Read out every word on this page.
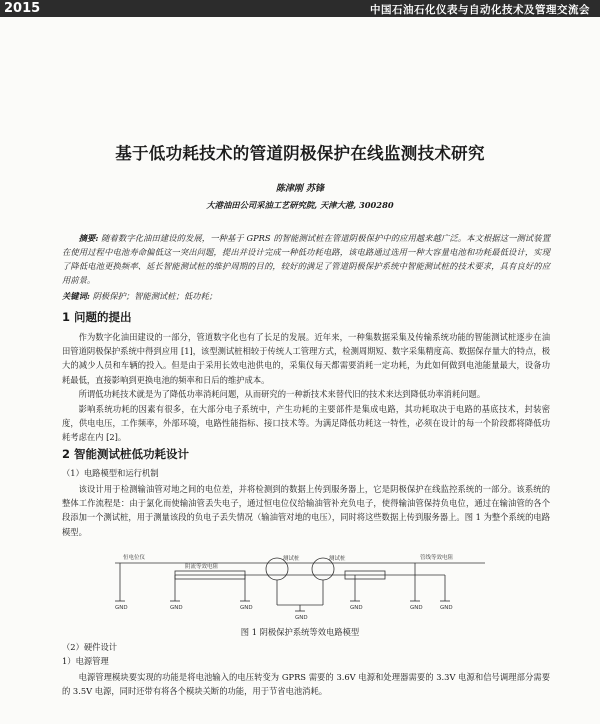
2015	中国石油石化仪表与自动化技术及管理交流会
基于低功耗技术的管道阴极保护在线监测技术研究
陈津刚 苏锋
大港油田公司采油工艺研究院, 天津大港, 300280
摘要: 随着数字化油田建设的发展，一种基于 GPRS 的智能测试桩在管道阴极保护中的应用越来越广泛。本文根据这一测试装置在使用过程中电池寿命偏低这一突出问题，提出并设计完成一种低功耗电路，该电路通过选用一种大容量电池和功耗最低设计，实现了降低电池更换频率、延长智能测试桩的维护周期的目的，较好的满足了管道阴极保护系统中智能测试桩的技术要求，具有良好的应用前景。
关键词: 阴极保护；智能测试桩；低功耗；
1 问题的提出
作为数字化油田建设的一部分，管道数字化也有了长足的发展。近年来，一种集数据采集及传输系统功能的智能测试桩逐步在油田管道阴极保护系统中得到应用 [1]，该型测试桩相较于传统人工管理方式，检测周期短、数字采集精度高、数据保存量大的特点，极大的减少人员和车辆的投入。但是由于采用长效电池供电的，采集仪每天都需要消耗一定功耗，为此如何做到电池能量最大，设备功耗最低，直接影响到更换电池的频率和日后的维护成本。
所谓低功耗技术就是为了降低功率消耗问题，从而研究的一种新技术来替代旧的技术来达到降低功率消耗问题。
影响系统功耗的因素有很多，在大部分电子系统中，产生功耗的主要部件是集成电路，其功耗取决于电路的基底技术，封装密度，供电电压，工作频率，外部环境，电路性能指标、接口技术等。为满足降低功耗这一特性，必须在设计的每一个阶段都将降低功耗考虑在内 [2]。
2 智能测试桩低功耗设计
（1）电路模型和运行机制
该设计用于检测输油管对地之间的电位差，并将检测到的数据上传到服务器上，它是阴极保护在线监控系统的一部分。该系统的整体工作流程是：由于氯化而使输油管丢失电子，通过恒电位仪给输油管补充负电子，使得输油管保持负电位，通过在输油管的各个段添加一个测试桩，用于测量该段的负电子丢失情况（输油管对地的电压），同时将这些数据上传到服务器上。图 1 为整个系统的电路模型。
恒电位仪
阴流等效电阻
测试桩	测试桩	管线等效电阻
GND	GND	GND	GND	GND	GND
GND
图 1 阴极保护系统等效电路模型
（2）硬件设计
1）电源管理
电源管理模块要实现的功能是将电池输入的电压转变为 GPRS 需要的 3.6V 电源和处理器需要的 3.3V 电源和信号调理部分需要的 3.5V 电源，同时还带有将各个模块关断的功能，用于节省电池消耗。
